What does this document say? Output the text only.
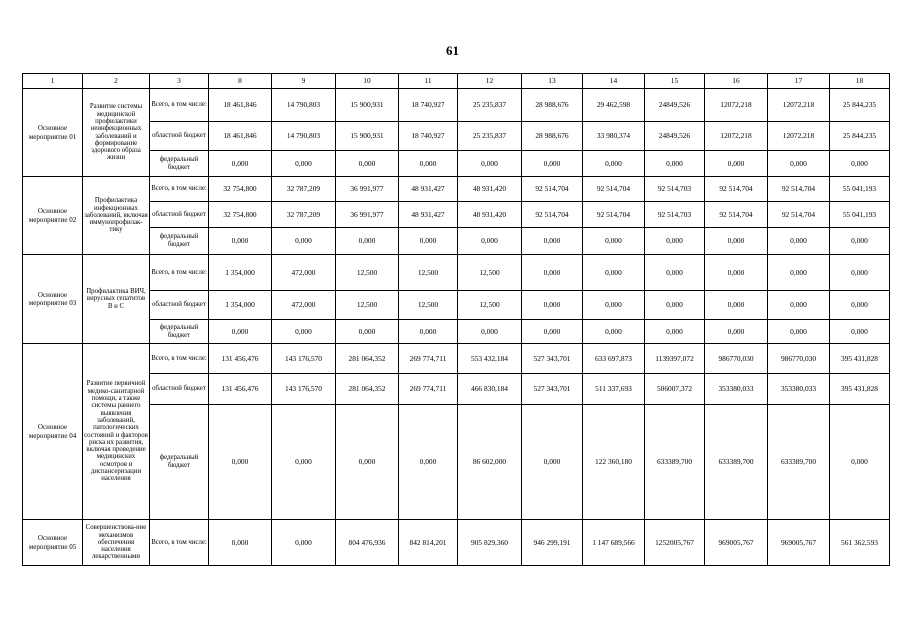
61
1	2	3	8	9	10	11	12	13	14	15	16	17	18
Основное мероприятие 01	Развитие системы медицинской профилактики неинфекционных заболеваний и формирование здорового образа жизни	Всего, в том числе:	18 461,846	14 790,803	15 900,931	18 740,927	25 235,837	28 988,676	29 462,598	24849,526	12072,218	12072,218	25 844,235
		областной бюджет	18 461,846	14 790,803	15 900,931	18 740,927	25 235,837	28 988,676	33 980,374	24849,526	12072,218	12072,218	25 844,235
		федеральный бюджет	0,000	0,000	0,000	0,000	0,000	0,000	0,000	0,000	0,000	0,000	0,000
Основное мероприятие 02	Профилактика инфекционных заболеваний, включая иммунопрофилак-тику	Всего, в том числе:	32 754,800	32 787,209	36 991,977	48 931,427	48 931,420	92 514,704	92 514,704	92 514,703	92 514,704	92 514,704	55 041,193
		областной бюджет	32 754,800	32 787,209	36 991,977	48 931,427	48 931,420	92 514,704	92 514,704	92 514,703	92 514,704	92 514,704	55 041,193
		федеральный бюджет	0,000	0,000	0,000	0,000	0,000	0,000	0,000	0,000	0,000	0,000	0,000
Основное мероприятие 03	Профилактика ВИЧ, вирусных гепатитов В и С	Всего, в том числе:	1 354,000	472,000	12,500	12,500	12,500	0,000	0,000	0,000	0,000	0,000	0,000
		областной бюджет	1 354,000	472,000	12,500	12,500	12,500	0,000	0,000	0,000	0,000	0,000	0,000
		федеральный бюджет	0,000	0,000	0,000	0,000	0,000	0,000	0,000	0,000	0,000	0,000	0,000
Основное мероприятие 04	Развитие первичной медико-санитарной помощи, а также системы раннего выявления заболеваний, патологических состояний и факторов риска их развития, включая проведение медицинских осмотров и диспансеризации населения	Всего, в том числе:	131 456,476	143 176,570	281 064,352	269 774,711	553 432,184	527 343,701	633 697,873	1139397,072	986770,030	986770,030	395 431,828
		областной бюджет	131 456,476	143 176,570	281 064,352	269 774,711	466 830,184	527 343,701	511 337,693	506007,372	353380,033	353380,033	395 431,828
		федеральный бюджет	0,000	0,000	0,000	0,000	86 602,000	0,000	122 360,180	633389,700	633389,700	633389,700	0,000
Основное мероприятие 05	Совершенствова-ние механизмов обеспечения населения лекарственными	Всего, в том числе:	0,000	0,000	804 476,936	842 814,201	905 829,360	946 299,191	1 147 689,566	1252005,767	969005,767	969005,767	561 362,593
